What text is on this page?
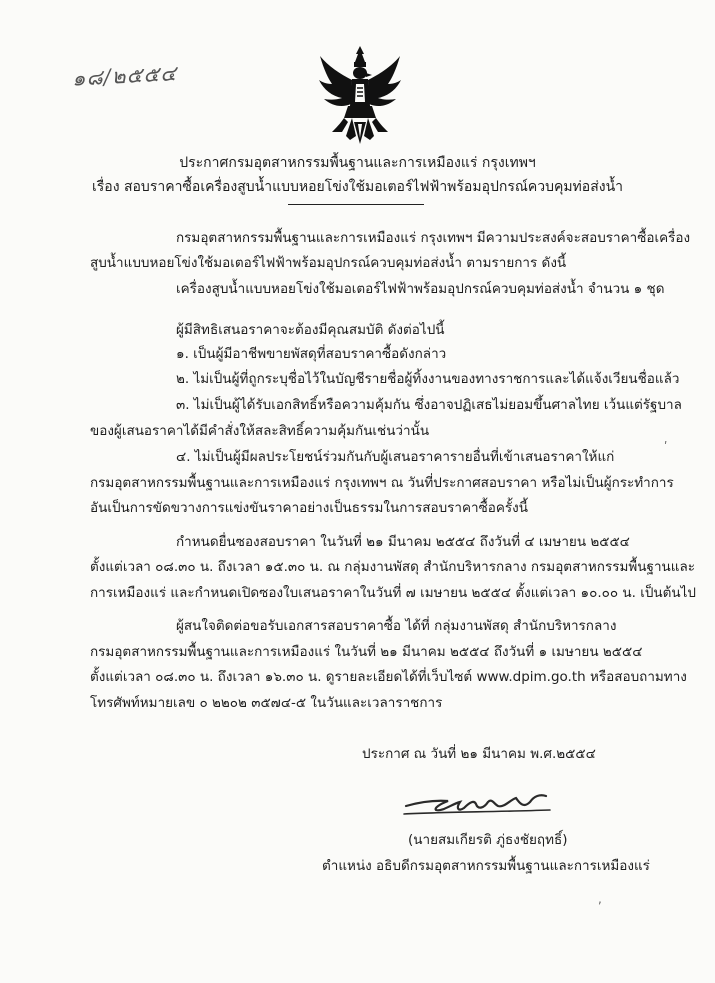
๑๘/๒๕๕๔
ประกาศกรมอุตสาหกรรมพื้นฐานและการเหมืองแร่ กรุงเทพฯ
เรื่อง สอบราคาซื้อเครื่องสูบน้ำแบบหอยโข่งใช้มอเตอร์ไฟฟ้าพร้อมอุปกรณ์ควบคุมท่อส่งน้ำ
กรมอุตสาหกรรมพื้นฐานและการเหมืองแร่ กรุงเทพฯ มีความประสงค์จะสอบราคาซื้อเครื่อง
สูบน้ำแบบหอยโข่งใช้มอเตอร์ไฟฟ้าพร้อมอุปกรณ์ควบคุมท่อส่งน้ำ ตามรายการ ดังนี้
เครื่องสูบน้ำแบบหอยโข่งใช้มอเตอร์ไฟฟ้าพร้อมอุปกรณ์ควบคุมท่อส่งน้ำ จำนวน ๑ ชุด
ผู้มีสิทธิเสนอราคาจะต้องมีคุณสมบัติ ดังต่อไปนี้
๑. เป็นผู้มีอาชีพขายพัสดุที่สอบราคาซื้อดังกล่าว
๒. ไม่เป็นผู้ที่ถูกระบุชื่อไว้ในบัญชีรายชื่อผู้ทิ้งงานของทางราชการและได้แจ้งเวียนชื่อแล้ว
๓. ไม่เป็นผู้ได้รับเอกสิทธิ์หรือความคุ้มกัน ซึ่งอาจปฏิเสธไม่ยอมขึ้นศาลไทย เว้นแต่รัฐบาล
ของผู้เสนอราคาได้มีคำสั่งให้สละสิทธิ์ความคุ้มกันเช่นว่านั้น
๔. ไม่เป็นผู้มีผลประโยชน์ร่วมกันกับผู้เสนอราคารายอื่นที่เข้าเสนอราคาให้แก่
กรมอุตสาหกรรมพื้นฐานและการเหมืองแร่ กรุงเทพฯ ณ วันที่ประกาศสอบราคา หรือไม่เป็นผู้กระทำการ
อันเป็นการขัดขวางการแข่งขันราคาอย่างเป็นธรรมในการสอบราคาซื้อครั้งนี้
กำหนดยื่นซองสอบราคา ในวันที่ ๒๑ มีนาคม ๒๕๕๔ ถึงวันที่ ๔ เมษายน ๒๕๕๔
ตั้งแต่เวลา ๐๘.๓๐ น. ถึงเวลา ๑๕.๓๐ น. ณ กลุ่มงานพัสดุ สำนักบริหารกลาง กรมอุตสาหกรรมพื้นฐานและ
การเหมืองแร่ และกำหนดเปิดซองใบเสนอราคาในวันที่ ๗ เมษายน ๒๕๕๔ ตั้งแต่เวลา ๑๐.๐๐ น. เป็นต้นไป
ผู้สนใจติดต่อขอรับเอกสารสอบราคาซื้อ ได้ที่ กลุ่มงานพัสดุ สำนักบริหารกลาง
กรมอุตสาหกรรมพื้นฐานและการเหมืองแร่ ในวันที่ ๒๑ มีนาคม ๒๕๕๔ ถึงวันที่ ๑ เมษายน ๒๕๕๔
ตั้งแต่เวลา ๐๘.๓๐ น. ถึงเวลา ๑๖.๓๐ น. ดูรายละเอียดได้ที่เว็บไซต์ www.dpim.go.th หรือสอบถามทาง
โทรศัพท์หมายเลข ๐ ๒๒๐๒ ๓๕๗๔-๕ ในวันและเวลาราชการ
ประกาศ ณ วันที่ ๒๑ มีนาคม พ.ศ.๒๕๕๔
(นายสมเกียรติ ภู่ธงชัยฤทธิ์)
ตำแหน่ง อธิบดีกรมอุตสาหกรรมพื้นฐานและการเหมืองแร่
ʹ
,
